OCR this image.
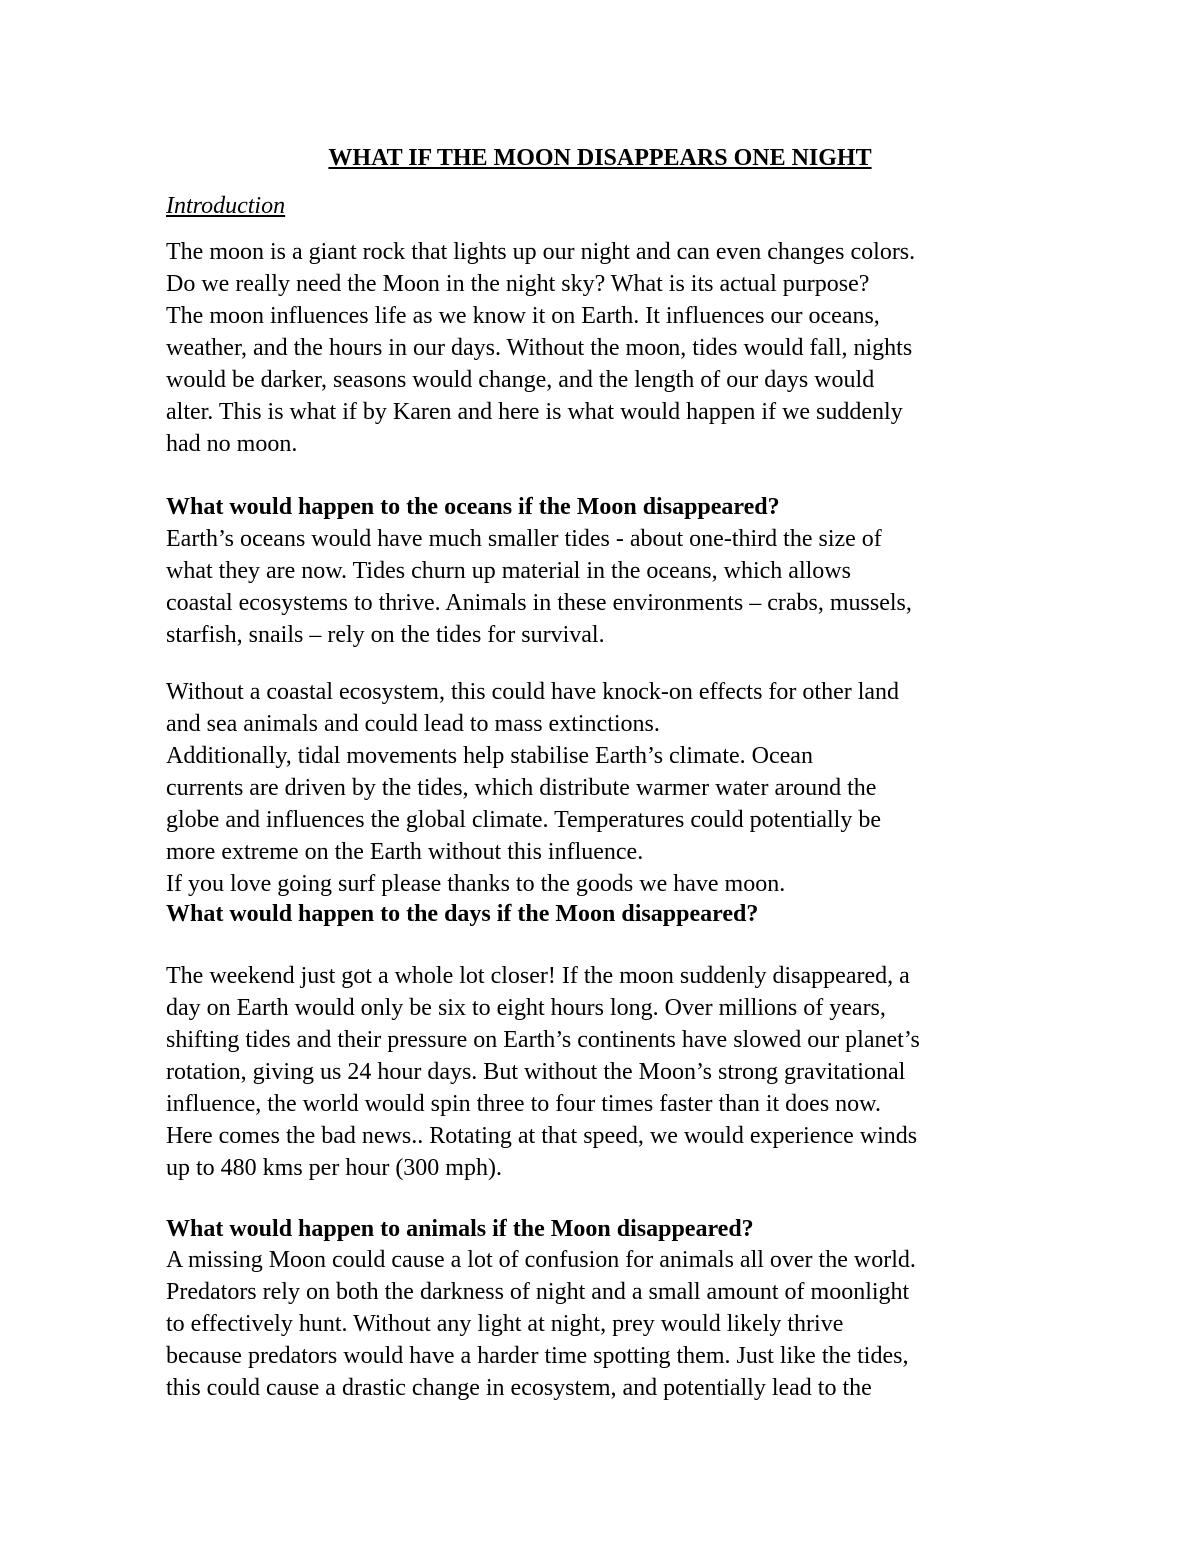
WHAT IF THE MOON DISAPPEARS ONE NIGHT
Introduction
The moon is a giant rock that lights up our night and can even changes colors.
Do we really need the Moon in the night sky? What is its actual purpose?
The moon influences life as we know it on Earth. It influences our oceans,
weather, and the hours in our days. Without the moon, tides would fall, nights
would be darker, seasons would change, and the length of our days would
alter. This is what if by Karen and here is what would happen if we suddenly
had no moon.
What would happen to the oceans if the Moon disappeared?
Earth’s oceans would have much smaller tides - about one-third the size of
what they are now. Tides churn up material in the oceans, which allows
coastal ecosystems to thrive. Animals in these environments – crabs, mussels,
starfish, snails – rely on the tides for survival.
Without a coastal ecosystem, this could have knock-on effects for other land
and sea animals and could lead to mass extinctions.
Additionally, tidal movements help stabilise Earth’s climate. Ocean
currents are driven by the tides, which distribute warmer water around the
globe and influences the global climate. Temperatures could potentially be
more extreme on the Earth without this influence.
If you love going surf please thanks to the goods we have moon.
What would happen to the days if the Moon disappeared?
The weekend just got a whole lot closer! If the moon suddenly disappeared, a
day on Earth would only be six to eight hours long. Over millions of years,
shifting tides and their pressure on Earth’s continents have slowed our planet’s
rotation, giving us 24 hour days. But without the Moon’s strong gravitational
influence, the world would spin three to four times faster than it does now.
Here comes the bad news.. Rotating at that speed, we would experience winds
up to 480 kms per hour (300 mph).
What would happen to animals if the Moon disappeared?
A missing Moon could cause a lot of confusion for animals all over the world.
Predators rely on both the darkness of night and a small amount of moonlight
to effectively hunt. Without any light at night, prey would likely thrive
because predators would have a harder time spotting them. Just like the tides,
this could cause a drastic change in ecosystem, and potentially lead to the
